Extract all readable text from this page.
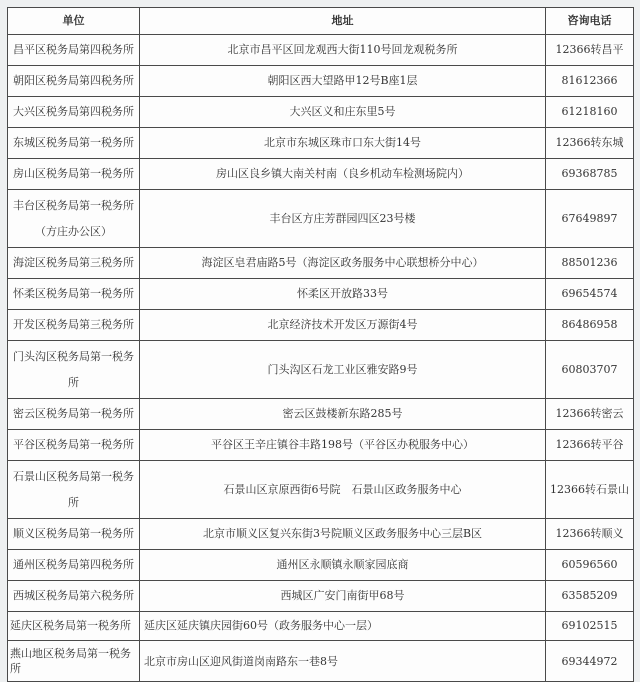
单位	地址	咨询电话
昌平区税务局第四税务所	北京市昌平区回龙观西大街110号回龙观税务所	12366转昌平
朝阳区税务局第四税务所	朝阳区西大望路甲12号B座1层	81612366
大兴区税务局第四税务所	大兴区义和庄东里5号	61218160
东城区税务局第一税务所	北京市东城区珠市口东大街14号	12366转东城
房山区税务局第一税务所	房山区良乡镇大南关村南（良乡机动车检测场院内）	69368785
丰台区税务局第一税务所（方庄办公区）	丰台区方庄芳群园四区23号楼	67649897
海淀区税务局第三税务所	海淀区皂君庙路5号（海淀区政务服务中心联想桥分中心）	88501236
怀柔区税务局第一税务所	怀柔区开放路33号	69654574
开发区税务局第三税务所	北京经济技术开发区万源街4号	86486958
门头沟区税务局第一税务所	门头沟区石龙工业区雅安路9号	60803707
密云区税务局第一税务所	密云区鼓楼新东路285号	12366转密云
平谷区税务局第一税务所	平谷区王辛庄镇谷丰路198号（平谷区办税服务中心）	12366转平谷
石景山区税务局第一税务所	石景山区京原西街6号院　石景山区政务服务中心	12366转石景山
顺义区税务局第一税务所	北京市顺义区复兴东街3号院顺义区政务服务中心三层B区	12366转顺义
通州区税务局第四税务所	通州区永顺镇永顺家园底商	60596560
西城区税务局第六税务所	西城区广安门南街甲68号	63585209
延庆区税务局第一税务所	延庆区延庆镇庆园街60号（政务服务中心一层）	69102515
燕山地区税务局第一税务所	北京市房山区迎风街道岗南路东一巷8号	69344972
